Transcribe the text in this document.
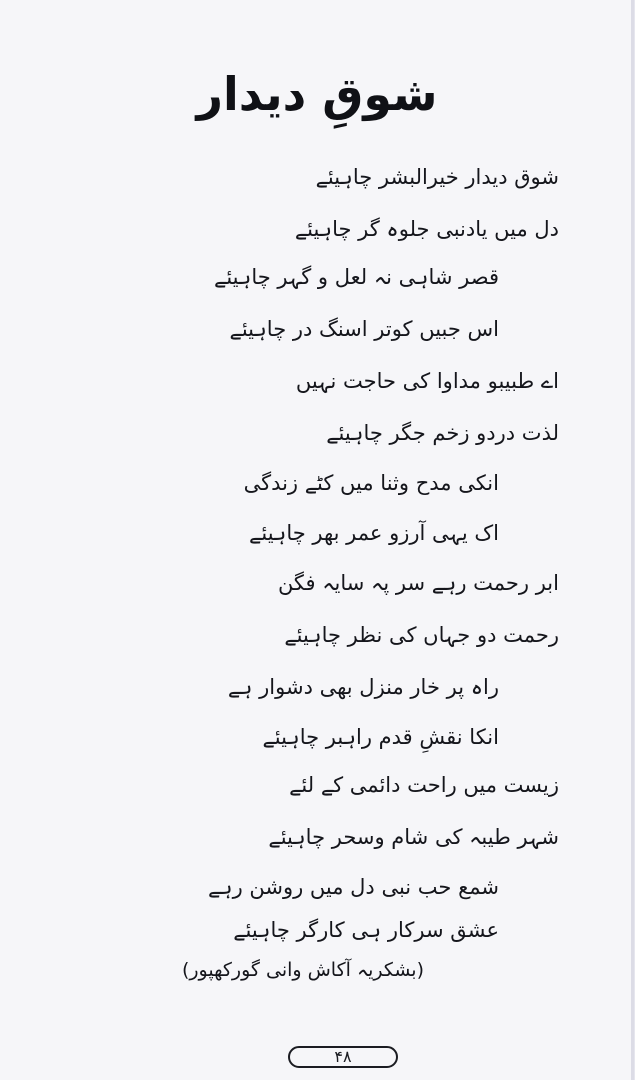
شوقِ دیدار
شوق دیدار خیرالبشر چاہیئے
دل میں یادنبی جلوہ گر چاہیئے
قصر شاہی نہ لعل و گہر چاہیئے
اس جبیں کوتر اسنگ در چاہیئے
اے طبیبو مداوا کی حاجت نہیں
لذت دردو زخم جگر چاہیئے
انکی مدح وثنا میں کٹے زندگی
اک یہی آرزو عمر بھر چاہیئے
ابر رحمت رہے سر پہ سایہ فگن
رحمت دو جہاں کی نظر چاہیئے
راہ پر خار منزل بھی دشوار ہے
انکا نقشِ قدم راہبر چاہیئے
زیست میں راحت دائمی کے لئے
شہر طیبہ کی شام وسحر چاہیئے
شمع حب نبی دل میں روشن رہے
عشق سرکار ہی کارگر چاہیئے
(بشکریہ آکاش وانی گورکھپور)
۴۸
